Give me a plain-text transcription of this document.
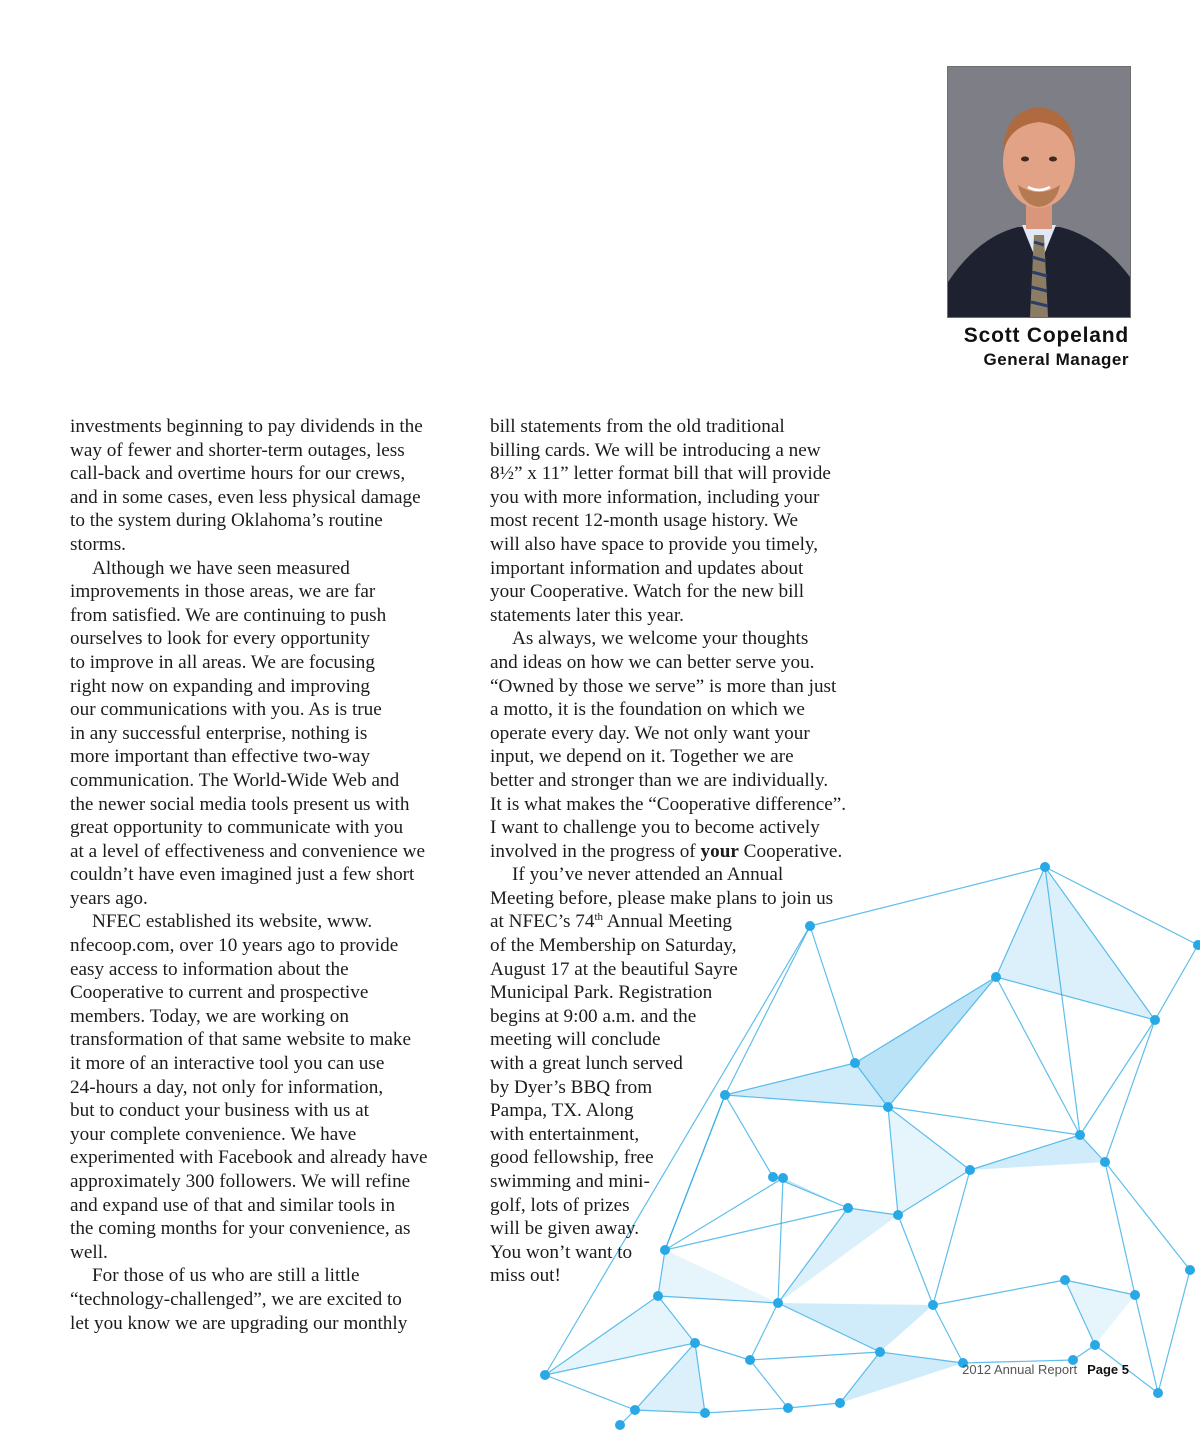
Scott Copeland
General Manager
investments beginning to pay dividends in the
way of fewer and shorter-term outages, less
call-back and overtime hours for our crews,
and in some cases, even less physical damage
to the system during Oklahoma’s routine
storms.
Although we have seen measured
improvements in those areas, we are far
from satisfied. We are continuing to push
ourselves to look for every opportunity
to improve in all areas. We are focusing
right now on expanding and improving
our communications with you. As is true
in any successful enterprise, nothing is
more important than effective two-way
communication. The World-Wide Web and
the newer social media tools present us with
great opportunity to communicate with you
at a level of effectiveness and convenience we
couldn’t have even imagined just a few short
years ago.
NFEC established its website, www.
nfecoop.com, over 10 years ago to provide
easy access to information about the
Cooperative to current and prospective
members. Today, we are working on
transformation of that same website to make
it more of an interactive tool you can use
24-hours a day, not only for information,
but to conduct your business with us at
your complete convenience. We have
experimented with Facebook and already have
approximately 300 followers. We will refine
and expand use of that and similar tools in
the coming months for your convenience, as
well.
For those of us who are still a little
“technology-challenged”, we are excited to
let you know we are upgrading our monthly
bill statements from the old traditional
billing cards. We will be introducing a new
8½” x 11” letter format bill that will provide
you with more information, including your
most recent 12-month usage history. We
will also have space to provide you timely,
important information and updates about
your Cooperative. Watch for the new bill
statements later this year.
As always, we welcome your thoughts
and ideas on how we can better serve you.
“Owned by those we serve” is more than just
a motto, it is the foundation on which we
operate every day. We not only want your
input, we depend on it. Together we are
better and stronger than we are individually.
It is what makes the “Cooperative difference”.
I want to challenge you to become actively
involved in the progress of your Cooperative.
If you’ve never attended an Annual
Meeting before, please make plans to join us
at NFEC’s 74th Annual Meeting
of the Membership on Saturday,
August 17 at the beautiful Sayre
Municipal Park. Registration
begins at 9:00 a.m. and the
meeting will conclude
with a great lunch served
by Dyer’s BBQ from
Pampa, TX. Along
with entertainment,
good fellowship, free
swimming and mini-
golf, lots of prizes
will be given away.
You won’t want to
miss out!
2012 Annual Report Page 5
